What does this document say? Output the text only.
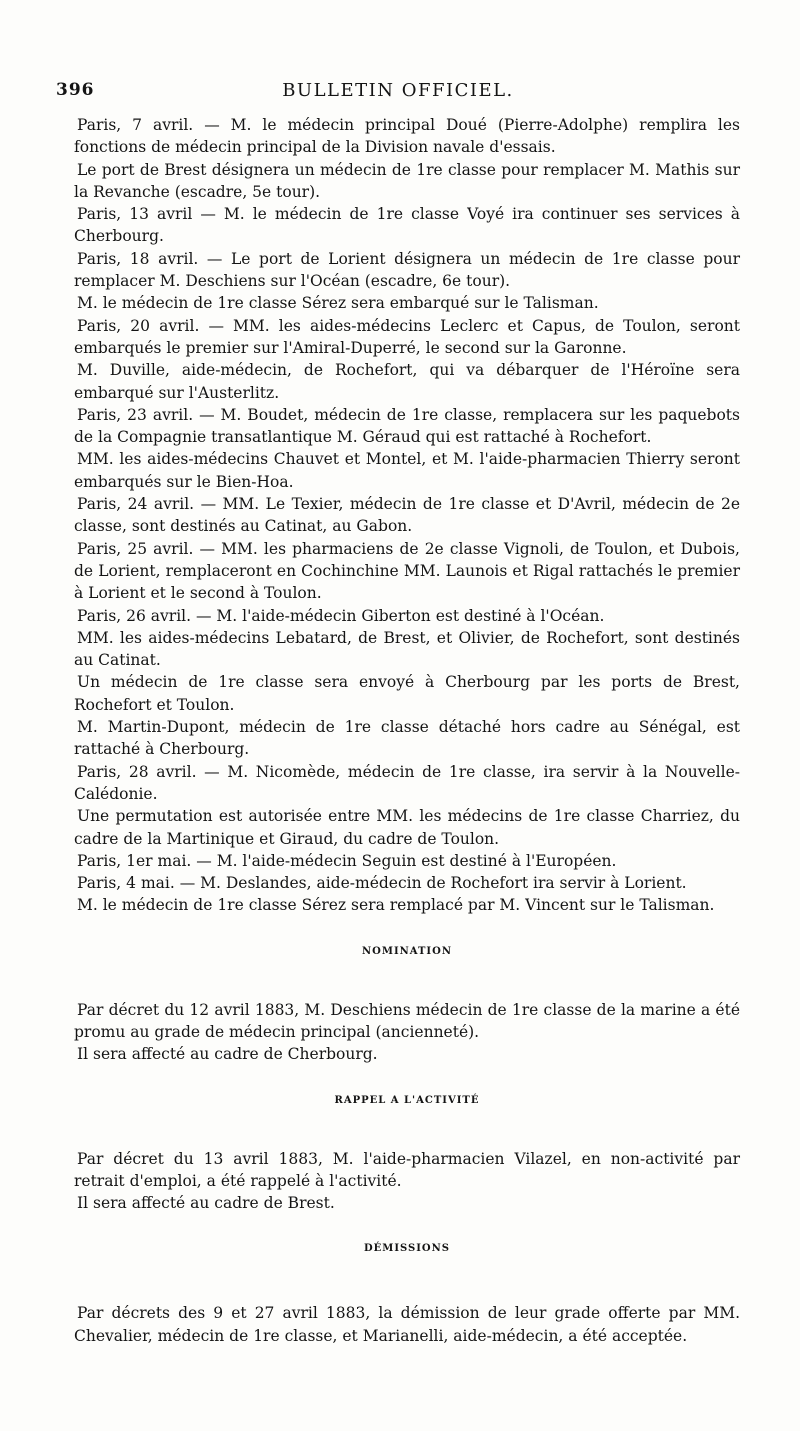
396	BULLETIN OFFICIEL.

Paris, 7 avril. — M. le médecin principal Doué (Pierre-Adolphe) remplira les fonctions de médecin principal de la Division navale d'essais.

Le port de Brest désignera un médecin de 1re classe pour remplacer M. Mathis sur la Revanche (escadre, 5e tour).

Paris, 13 avril — M. le médecin de 1re classe Voyé ira continuer ses services à Cherbourg.

Paris, 18 avril. — Le port de Lorient désignera un médecin de 1re classe pour remplacer M. Deschiens sur l'Océan (escadre, 6e tour).

M. le médecin de 1re classe Sérez sera embarqué sur le Talisman.

Paris, 20 avril. — MM. les aides-médecins Leclerc et Capus, de Toulon, seront embarqués le premier sur l'Amiral-Duperré, le second sur la Garonne.

M. Duville, aide-médecin, de Rochefort, qui va débarquer de l'Héroïne sera embarqué sur l'Austerlitz.

Paris, 23 avril. — M. Boudet, médecin de 1re classe, remplacera sur les paquebots de la Compagnie transatlantique M. Géraud qui est rattaché à Rochefort.

MM. les aides-médecins Chauvet et Montel, et M. l'aide-pharmacien Thierry seront embarqués sur le Bien-Hoa.

Paris, 24 avril. — MM. Le Texier, médecin de 1re classe et D'Avril, médecin de 2e classe, sont destinés au Catinat, au Gabon.

Paris, 25 avril. — MM. les pharmaciens de 2e classe Vignoli, de Toulon, et Dubois, de Lorient, remplaceront en Cochinchine MM. Launois et Rigal rattachés le premier à Lorient et le second à Toulon.

Paris, 26 avril. — M. l'aide-médecin Giberton est destiné à l'Océan.

MM. les aides-médecins Lebatard, de Brest, et Olivier, de Rochefort, sont destinés au Catinat.

Un médecin de 1re classe sera envoyé à Cherbourg par les ports de Brest, Rochefort et Toulon.

M. Martin-Dupont, médecin de 1re classe détaché hors cadre au Sénégal, est rattaché à Cherbourg.

Paris, 28 avril. — M. Nicomède, médecin de 1re classe, ira servir à la Nouvelle-Calédonie.

Une permutation est autorisée entre MM. les médecins de 1re classe Charriez, du cadre de la Martinique et Giraud, du cadre de Toulon.

Paris, 1er mai. — M. l'aide-médecin Seguin est destiné à l'Européen.

Paris, 4 mai. — M. Deslandes, aide-médecin de Rochefort ira servir à Lorient.

M. le médecin de 1re classe Sérez sera remplacé par M. Vincent sur le Talisman.

NOMINATION

Par décret du 12 avril 1883, M. Deschiens médecin de 1re classe de la marine a été promu au grade de médecin principal (ancienneté).

Il sera affecté au cadre de Cherbourg.

RAPPEL A L'ACTIVITÉ

Par décret du 13 avril 1883, M. l'aide-pharmacien Vilazel, en non-activité par retrait d'emploi, a été rappelé à l'activité.

Il sera affecté au cadre de Brest.

DÉMISSIONS

Par décrets des 9 et 27 avril 1883, la démission de leur grade offerte par MM. Chevalier, médecin de 1re classe, et Marianelli, aide-médecin, a été acceptée.
